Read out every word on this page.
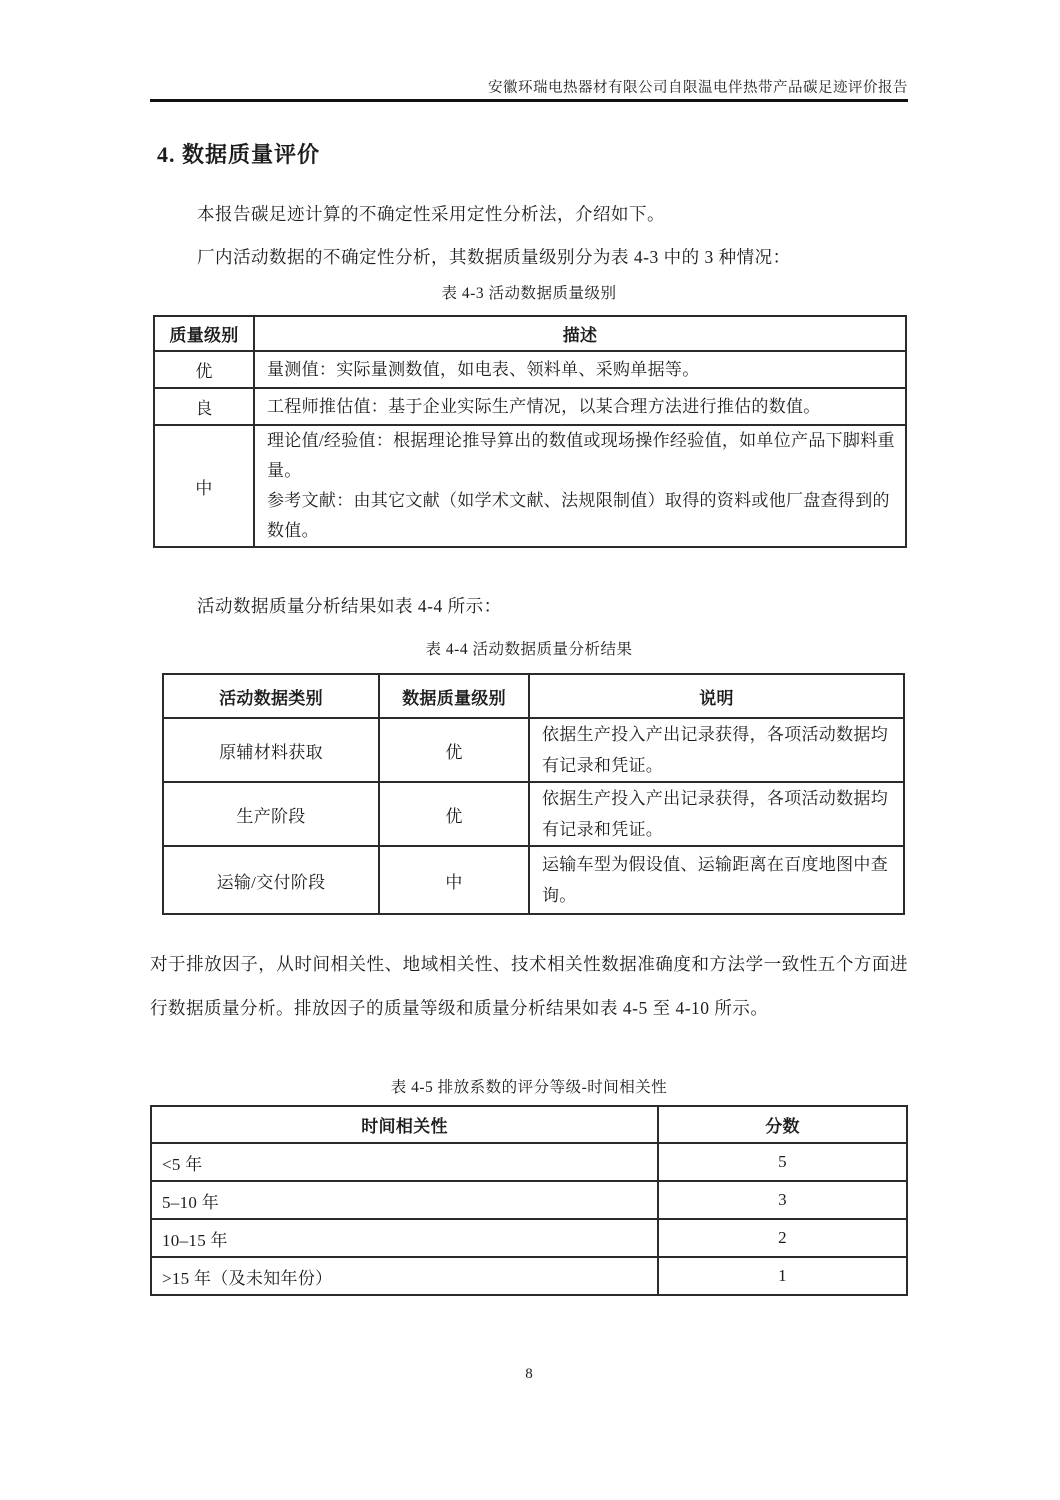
安徽环瑞电热器材有限公司自限温电伴热带产品碳足迹评价报告
4. 数据质量评价

本报告碳足迹计算的不确定性采用定性分析法，介绍如下。

厂内活动数据的不确定性分析，其数据质量级别分为表 4-3 中的 3 种情况：

表 4-3 活动数据质量级别
质量级别	描述
优	量测值：实际量测数值，如电表、领料单、采购单据等。
良	工程师推估值：基于企业实际生产情况，以某合理方法进行推估的数值。
中	理论值/经验值：根据理论推导算出的数值或现场操作经验值，如单位产品下脚料重量。
参考文献：由其它文献（如学术文献、法规限制值）取得的资料或他厂盘查得到的数值。

活动数据质量分析结果如表 4-4 所示：

表 4-4 活动数据质量分析结果
活动数据类别	数据质量级别	说明
原辅材料获取	优	依据生产投入产出记录获得，各项活动数据均有记录和凭证。
生产阶段	优	依据生产投入产出记录获得，各项活动数据均有记录和凭证。
运输/交付阶段	中	运输车型为假设值、运输距离在百度地图中查询。

对于排放因子，从时间相关性、地域相关性、技术相关性数据准确度和方法学一致性五个方面进行数据质量分析。排放因子的质量等级和质量分析结果如表 4-5 至 4-10 所示。

表 4-5 排放系数的评分等级-时间相关性
时间相关性	分数
<5 年	5
5–10 年	3
10–15 年	2
>15 年（及未知年份）	1
8
